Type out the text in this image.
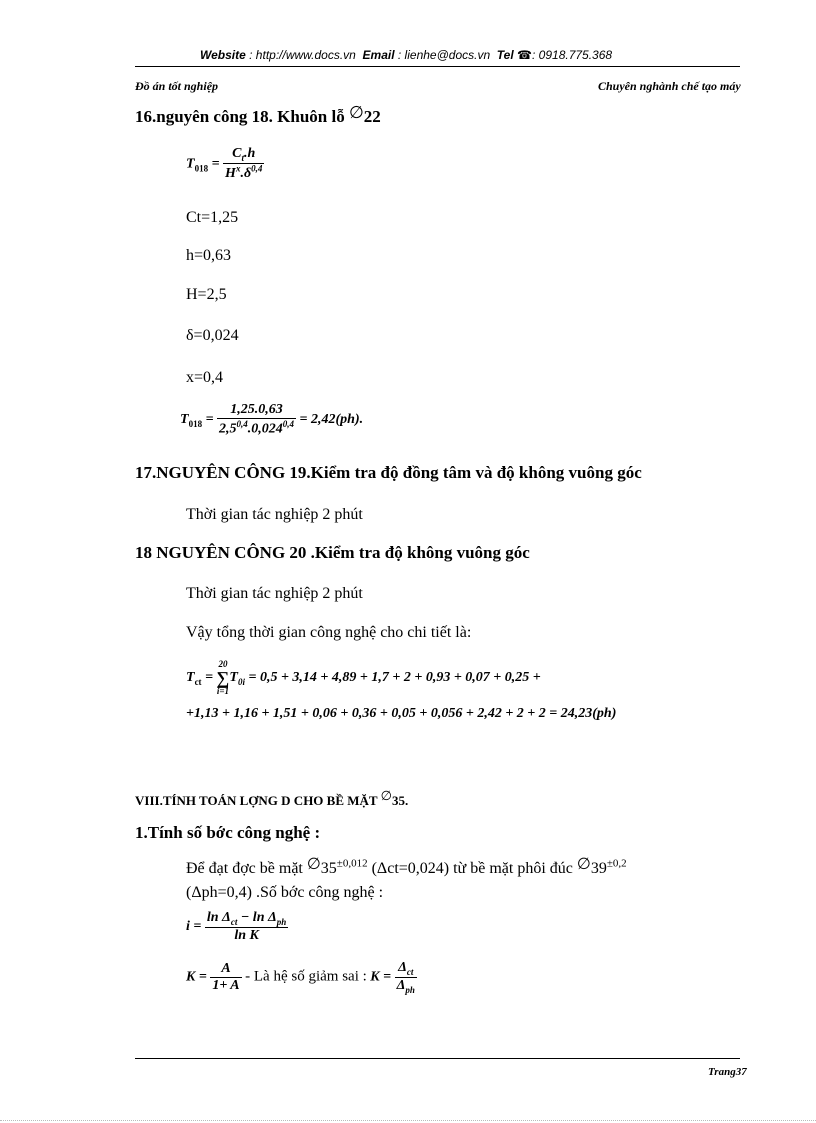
Website : http://www.docs.vn Email : lienhe@docs.vn Tel ☎: 0918.775.368
Đồ án tốt nghiệp	Chuyên nghành chế tạo máy
16.nguyên công 18. Khuôn lỗ ∅22
$T_{018} = \frac{C_t.h}{H^x.\delta^{0,4}}$
Ct=1,25
h=0,63
H=2,5
δ=0,024
x=0,4
$T_{018} = \frac{1,25.0,63}{2,5^{0,4}.0,024^{0,4}} = 2,42(ph)$.
17.NGUYÊN CÔNG 19.Kiểm tra độ đồng tâm và độ không vuông góc
Thời gian tác nghiệp 2 phút
18 NGUYÊN CÔNG 20 .Kiểm tra độ không vuông góc
Thời gian tác nghiệp 2 phút
Vậy tổng thời gian công nghệ cho chi tiết là:
$T_{ct}$ =
20
∑
i=1
$T_{0i} = 0,5 + 3,14 + 4,89 + 1,7 + 2 + 0,93 + 0,07 + 0,25$ +
+1,13 + 1,16 + 1,51 + 0,06 + 0,36 + 0,05 + 0,056 + 2,42 + 2 + 2 = 24,23(ph)
VIII.TÍNH TOÁN LỢNG D CHO BỀ MẶT ∅35.
1.Tính số bớc công nghệ :
Để đạt đợc bề mặt $\emptyset 35^{\pm 0,012}$ (Δct=0,024) từ bề mặt phôi đúc $\emptyset 39^{\pm 0,2}$
(Δph=0,4) .Số bớc công nghệ :
$i = \frac{\ln \Delta_{ct} - \ln \Delta_{ph}}{\text{ln K}}$
$K = \frac{A}{1+ A}$ - Là hệ số giảm sai : $K = \frac{\Delta_{ct}}{\Delta_{ph}}$
Trang37
